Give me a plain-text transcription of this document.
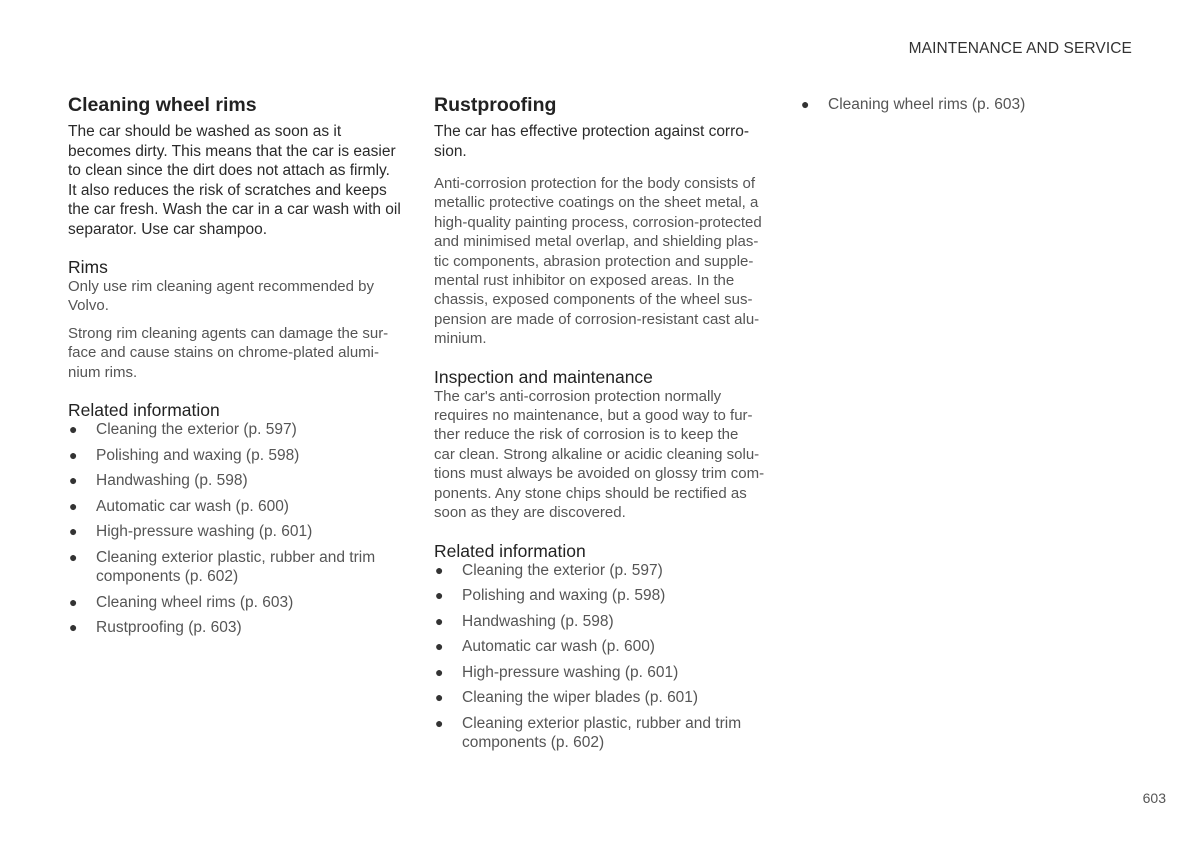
MAINTENANCE AND SERVICE
Cleaning wheel rims

The car should be washed as soon as it
becomes dirty. This means that the car is easier
to clean since the dirt does not attach as firmly.
It also reduces the risk of scratches and keeps
the car fresh. Wash the car in a car wash with oil
separator. Use car shampoo.

Rims

Only use rim cleaning agent recommended by
Volvo.

Strong rim cleaning agents can damage the sur-
face and cause stains on chrome-plated alumi-
nium rims.

Related information
● Cleaning the exterior (p. 597)
● Polishing and waxing (p. 598)
● Handwashing (p. 598)
● Automatic car wash (p. 600)
● High-pressure washing (p. 601)
● Cleaning exterior plastic, rubber and trim
components (p. 602)
● Cleaning wheel rims (p. 603)
● Rustproofing (p. 603)
Rustproofing

The car has effective protection against corro-
sion.

Anti-corrosion protection for the body consists of
metallic protective coatings on the sheet metal, a
high-quality painting process, corrosion-protected
and minimised metal overlap, and shielding plas-
tic components, abrasion protection and supple-
mental rust inhibitor on exposed areas. In the
chassis, exposed components of the wheel sus-
pension are made of corrosion-resistant cast alu-
minium.

Inspection and maintenance

The car's anti-corrosion protection normally
requires no maintenance, but a good way to fur-
ther reduce the risk of corrosion is to keep the
car clean. Strong alkaline or acidic cleaning solu-
tions must always be avoided on glossy trim com-
ponents. Any stone chips should be rectified as
soon as they are discovered.

Related information
● Cleaning the exterior (p. 597)
● Polishing and waxing (p. 598)
● Handwashing (p. 598)
● Automatic car wash (p. 600)
● High-pressure washing (p. 601)
● Cleaning the wiper blades (p. 601)
● Cleaning exterior plastic, rubber and trim
components (p. 602)
● Cleaning wheel rims (p. 603)
603
